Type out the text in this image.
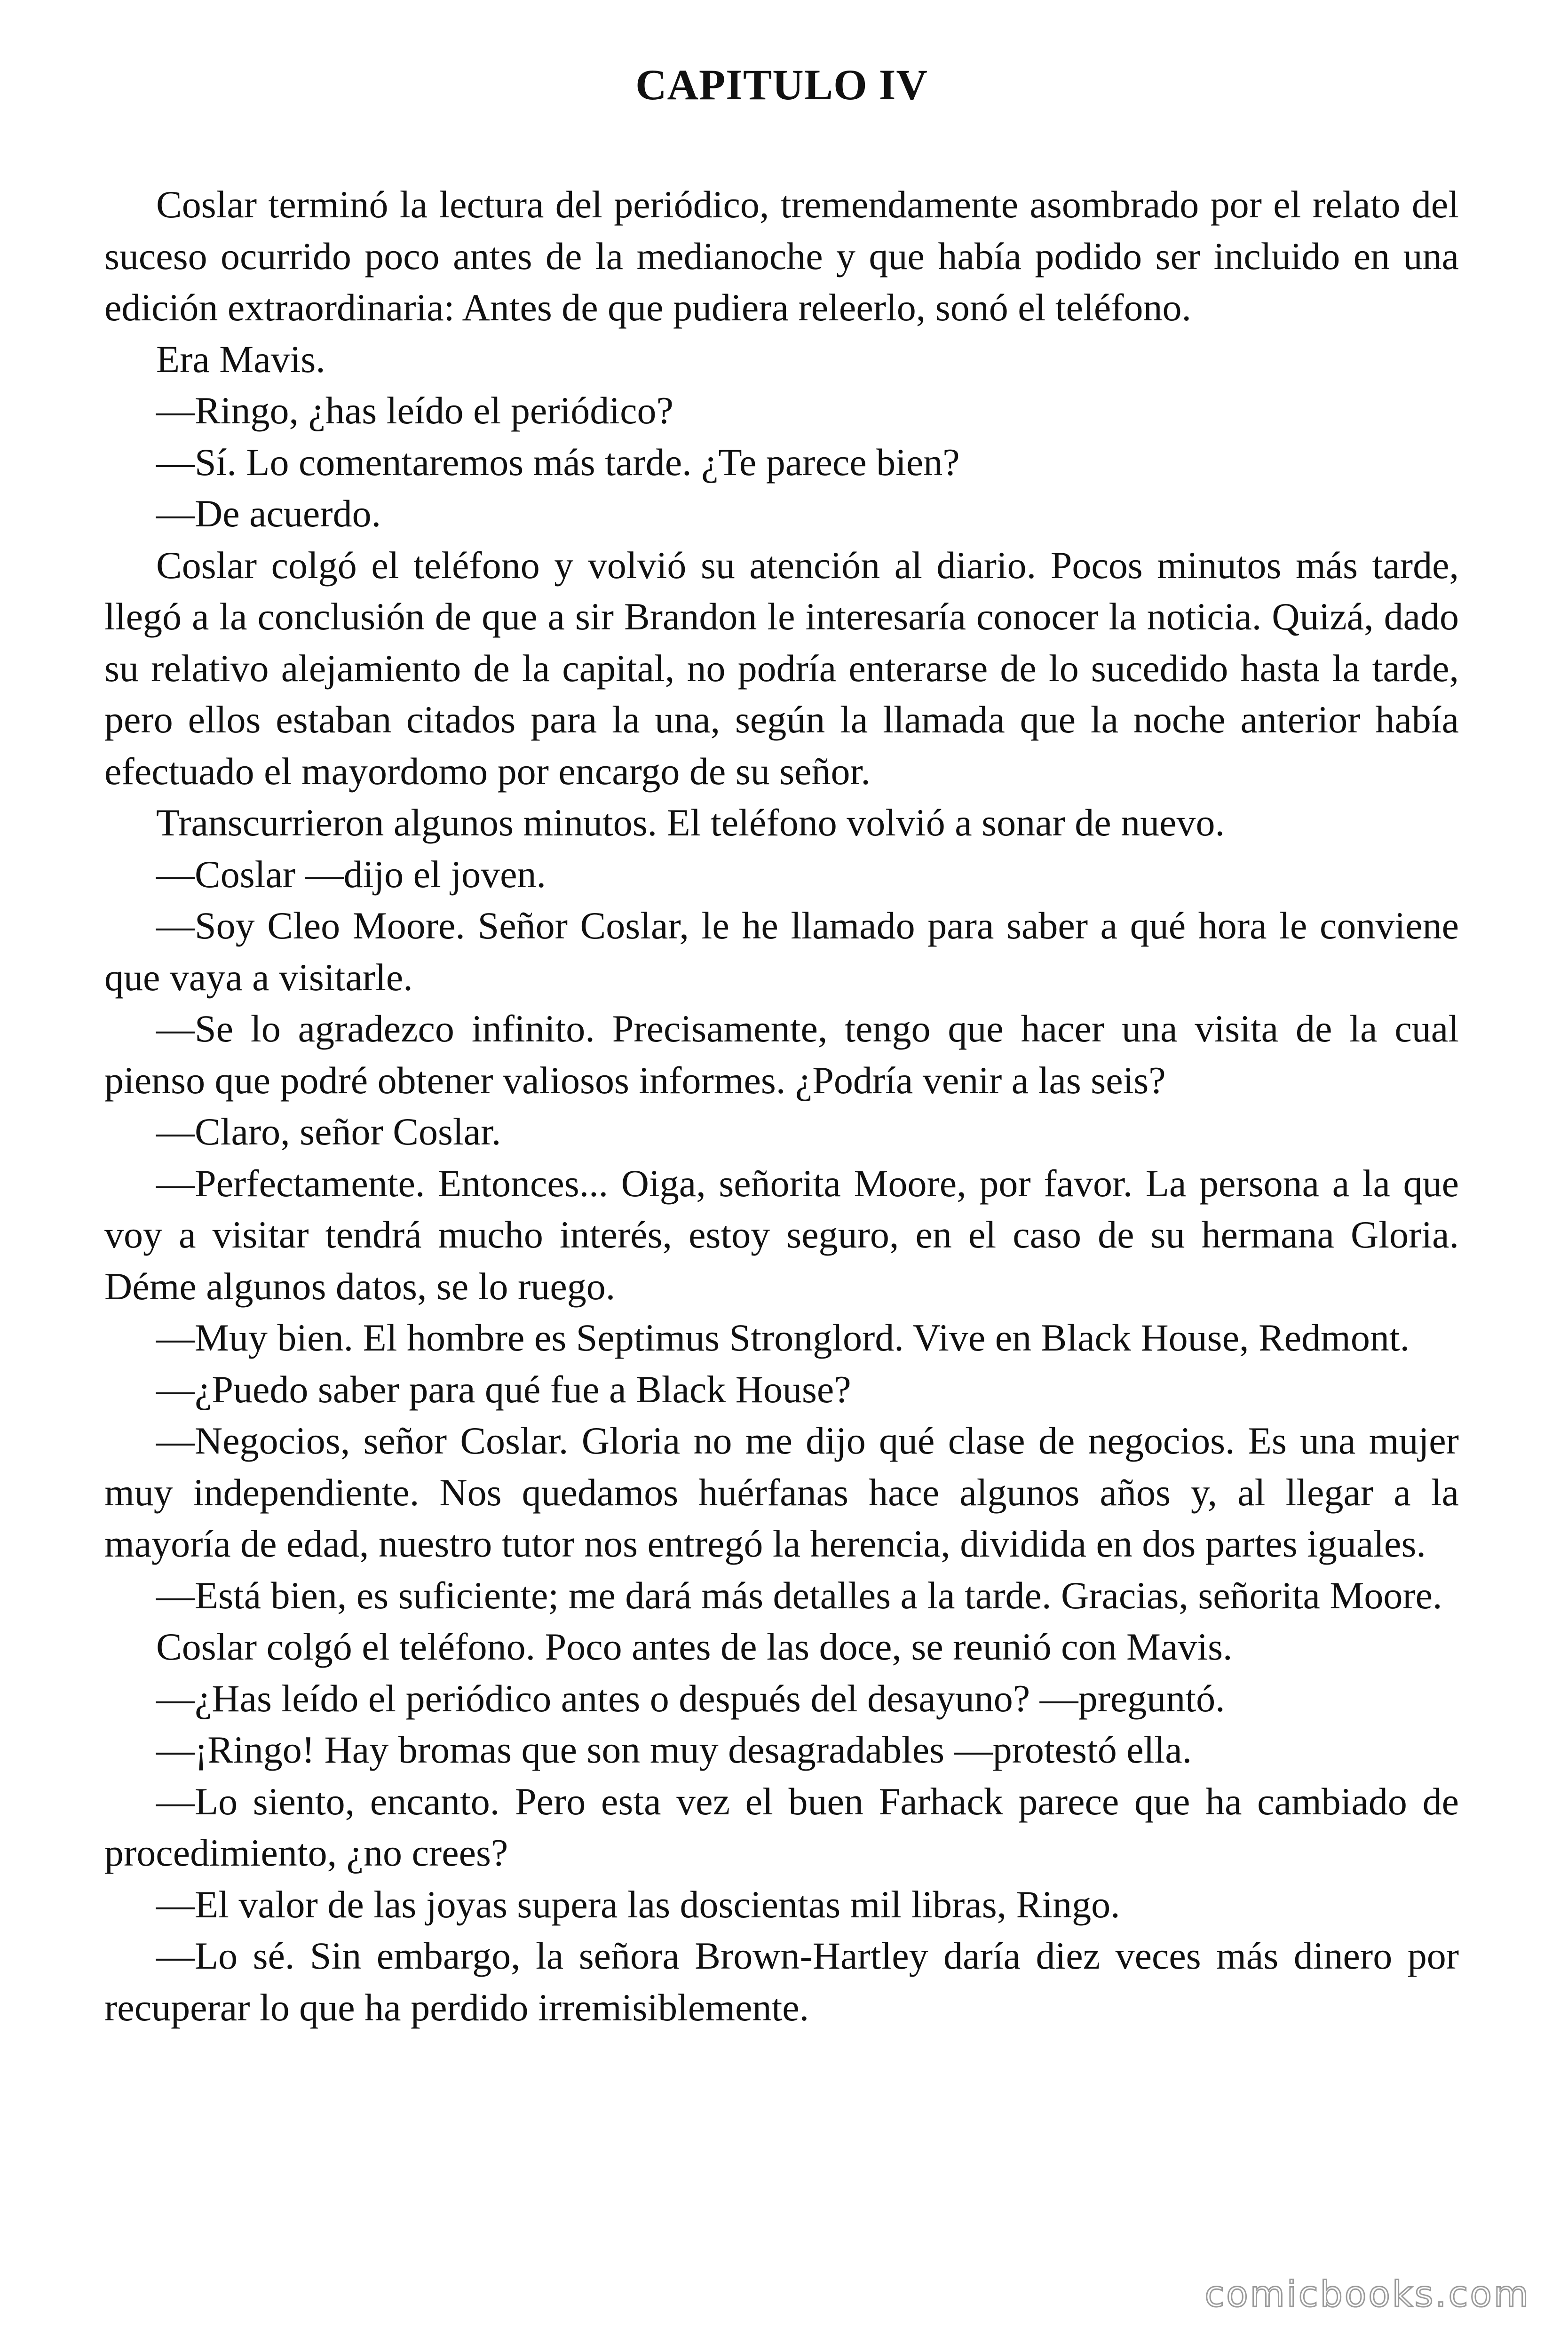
CAPITULO IV

Coslar terminó la lectura del periódico, tremendamente asombrado por el relato del suceso ocurrido poco antes de la medianoche y que había podido ser incluido en una edición extraordinaria: Antes de que pudiera releerlo, sonó el teléfono.

Era Mavis.

—Ringo, ¿has leído el periódico?

—Sí. Lo comentaremos más tarde. ¿Te parece bien?

—De acuerdo.

Coslar colgó el teléfono y volvió su atención al diario. Pocos minutos más tarde, llegó a la conclusión de que a sir Brandon le interesaría conocer la noticia. Quizá, dado su relativo alejamiento de la capital, no podría enterarse de lo sucedido hasta la tarde, pero ellos estaban citados para la una, según la llamada que la noche anterior había efectuado el mayordomo por encargo de su señor.

Transcurrieron algunos minutos. El teléfono volvió a sonar de nuevo.

—Coslar —dijo el joven.

—Soy Cleo Moore. Señor Coslar, le he llamado para saber a qué hora le conviene que vaya a visitarle.

—Se lo agradezco infinito. Precisamente, tengo que hacer una visita de la cual pienso que podré obtener valiosos informes. ¿Podría venir a las seis?

—Claro, señor Coslar.

—Perfectamente. Entonces... Oiga, señorita Moore, por favor. La persona a la que voy a visitar tendrá mucho interés, estoy seguro, en el caso de su hermana Gloria. Déme algunos datos, se lo ruego.

—Muy bien. El hombre es Septimus Stronglord. Vive en Black House, Redmont.

—¿Puedo saber para qué fue a Black House?

—Negocios, señor Coslar. Gloria no me dijo qué clase de negocios. Es una mujer muy independiente. Nos quedamos huérfanas hace algunos años y, al llegar a la mayoría de edad, nuestro tutor nos entregó la herencia, dividida en dos partes iguales.

—Está bien, es suficiente; me dará más detalles a la tarde. Gracias, señorita Moore.

Coslar colgó el teléfono. Poco antes de las doce, se reunió con Mavis.

—¿Has leído el periódico antes o después del desayuno? —preguntó.

—¡Ringo! Hay bromas que son muy desagradables —protestó ella.

—Lo siento, encanto. Pero esta vez el buen Farhack parece que ha cambiado de procedimiento, ¿no crees?

—El valor de las joyas supera las doscientas mil libras, Ringo.

—Lo sé. Sin embargo, la señora Brown-Hartley daría diez veces más dinero por recuperar lo que ha perdido irremisiblemente.

comicbooks.com
